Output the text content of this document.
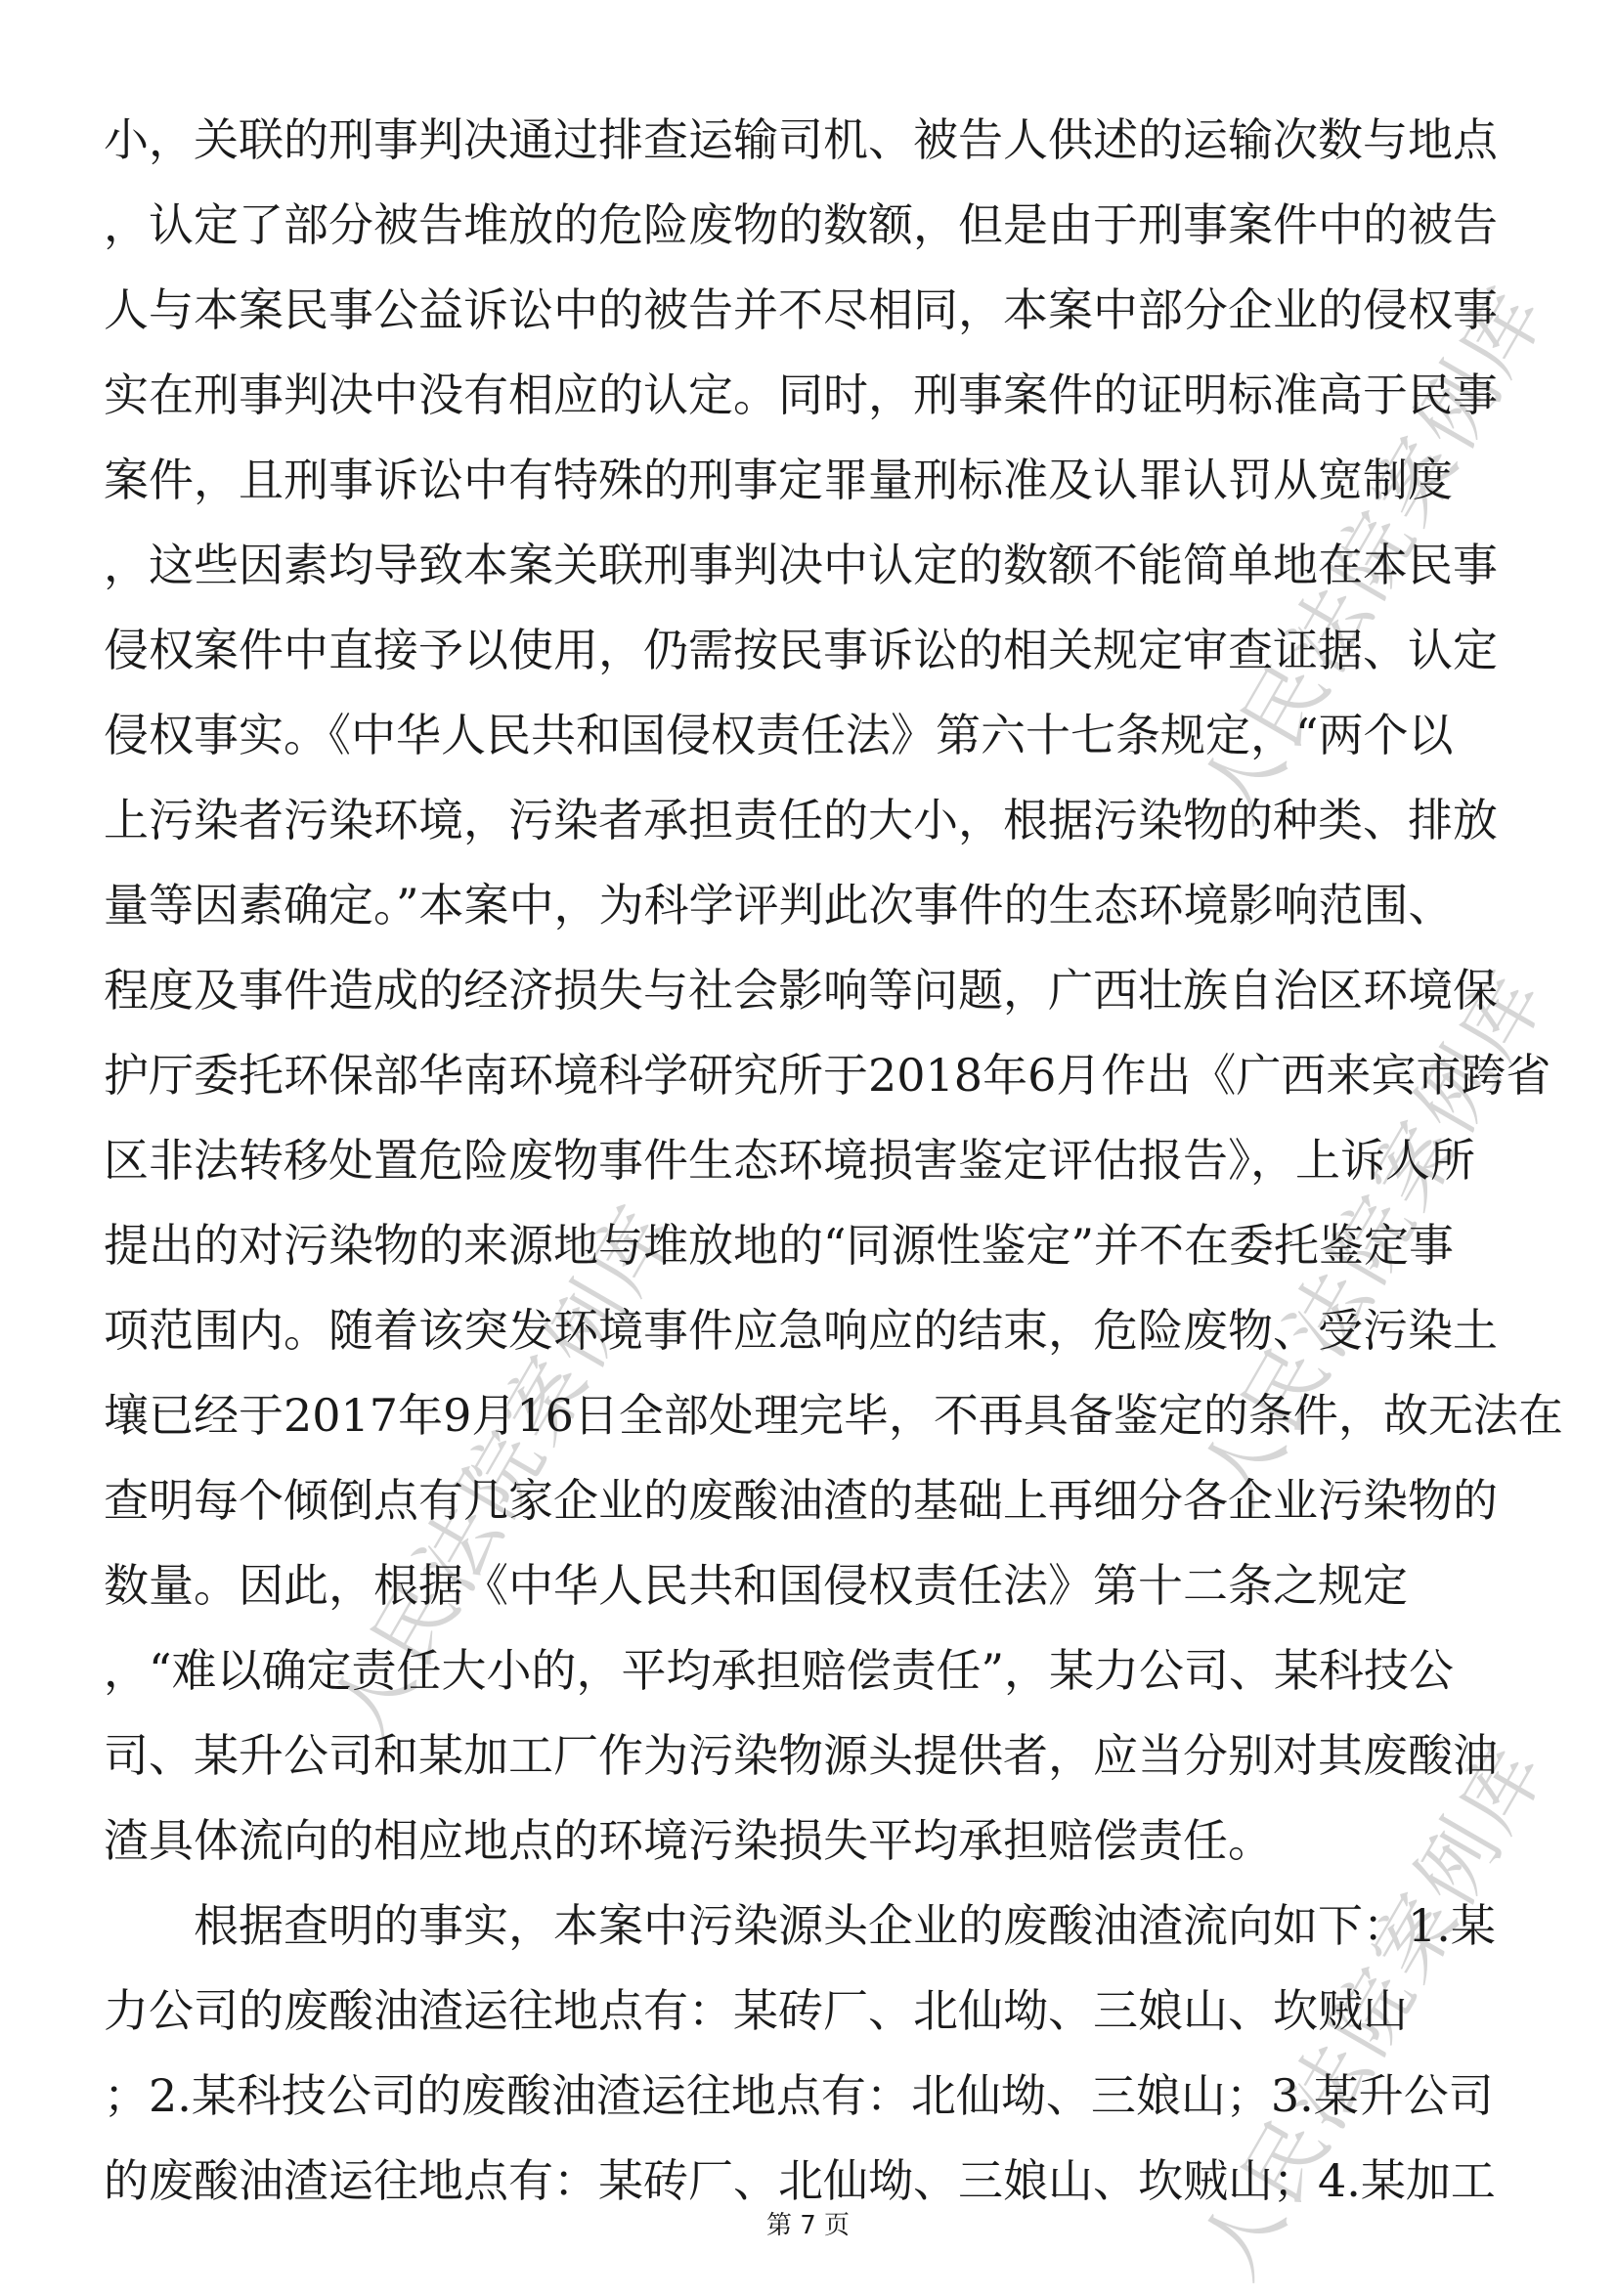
人民法院案例库
人民法院案例库
人民法院案例库
人民法院案例库
小，关联的刑事判决通过排查运输司机、被告人供述的运输次数与地点
，认定了部分被告堆放的危险废物的数额，但是由于刑事案件中的被告
人与本案民事公益诉讼中的被告并不尽相同，本案中部分企业的侵权事
实在刑事判决中没有相应的认定。同时，刑事案件的证明标准高于民事
案件，且刑事诉讼中有特殊的刑事定罪量刑标准及认罪认罚从宽制度
，这些因素均导致本案关联刑事判决中认定的数额不能简单地在本民事
侵权案件中直接予以使用，仍需按民事诉讼的相关规定审查证据、认定
侵权事实。《中华人民共和国侵权责任法》第六十七条规定，“两个以
上污染者污染环境，污染者承担责任的大小，根据污染物的种类、排放
量等因素确定。”本案中，为科学评判此次事件的生态环境影响范围、
程度及事件造成的经济损失与社会影响等问题，广西壮族自治区环境保
护厅委托环保部华南环境科学研究所于2018年6月作出《广西来宾市跨省
区非法转移处置危险废物事件生态环境损害鉴定评估报告》，上诉人所
提出的对污染物的来源地与堆放地的“同源性鉴定”并不在委托鉴定事
项范围内。随着该突发环境事件应急响应的结束，危险废物、受污染土
壤已经于2017年9月16日全部处理完毕，不再具备鉴定的条件，故无法在
查明每个倾倒点有几家企业的废酸油渣的基础上再细分各企业污染物的
数量。因此，根据《中华人民共和国侵权责任法》第十二条之规定
，“难以确定责任大小的，平均承担赔偿责任”，某力公司、某科技公
司、某升公司和某加工厂作为污染物源头提供者，应当分别对其废酸油
渣具体流向的相应地点的环境污染损失平均承担赔偿责任。
　　根据查明的事实，本案中污染源头企业的废酸油渣流向如下：1.某
力公司的废酸油渣运往地点有：某砖厂、北仙坳、三娘山、坎贼山
；2.某科技公司的废酸油渣运往地点有：北仙坳、三娘山；3.某升公司
的废酸油渣运往地点有：某砖厂、北仙坳、三娘山、坎贼山；4.某加工
第 7 页
